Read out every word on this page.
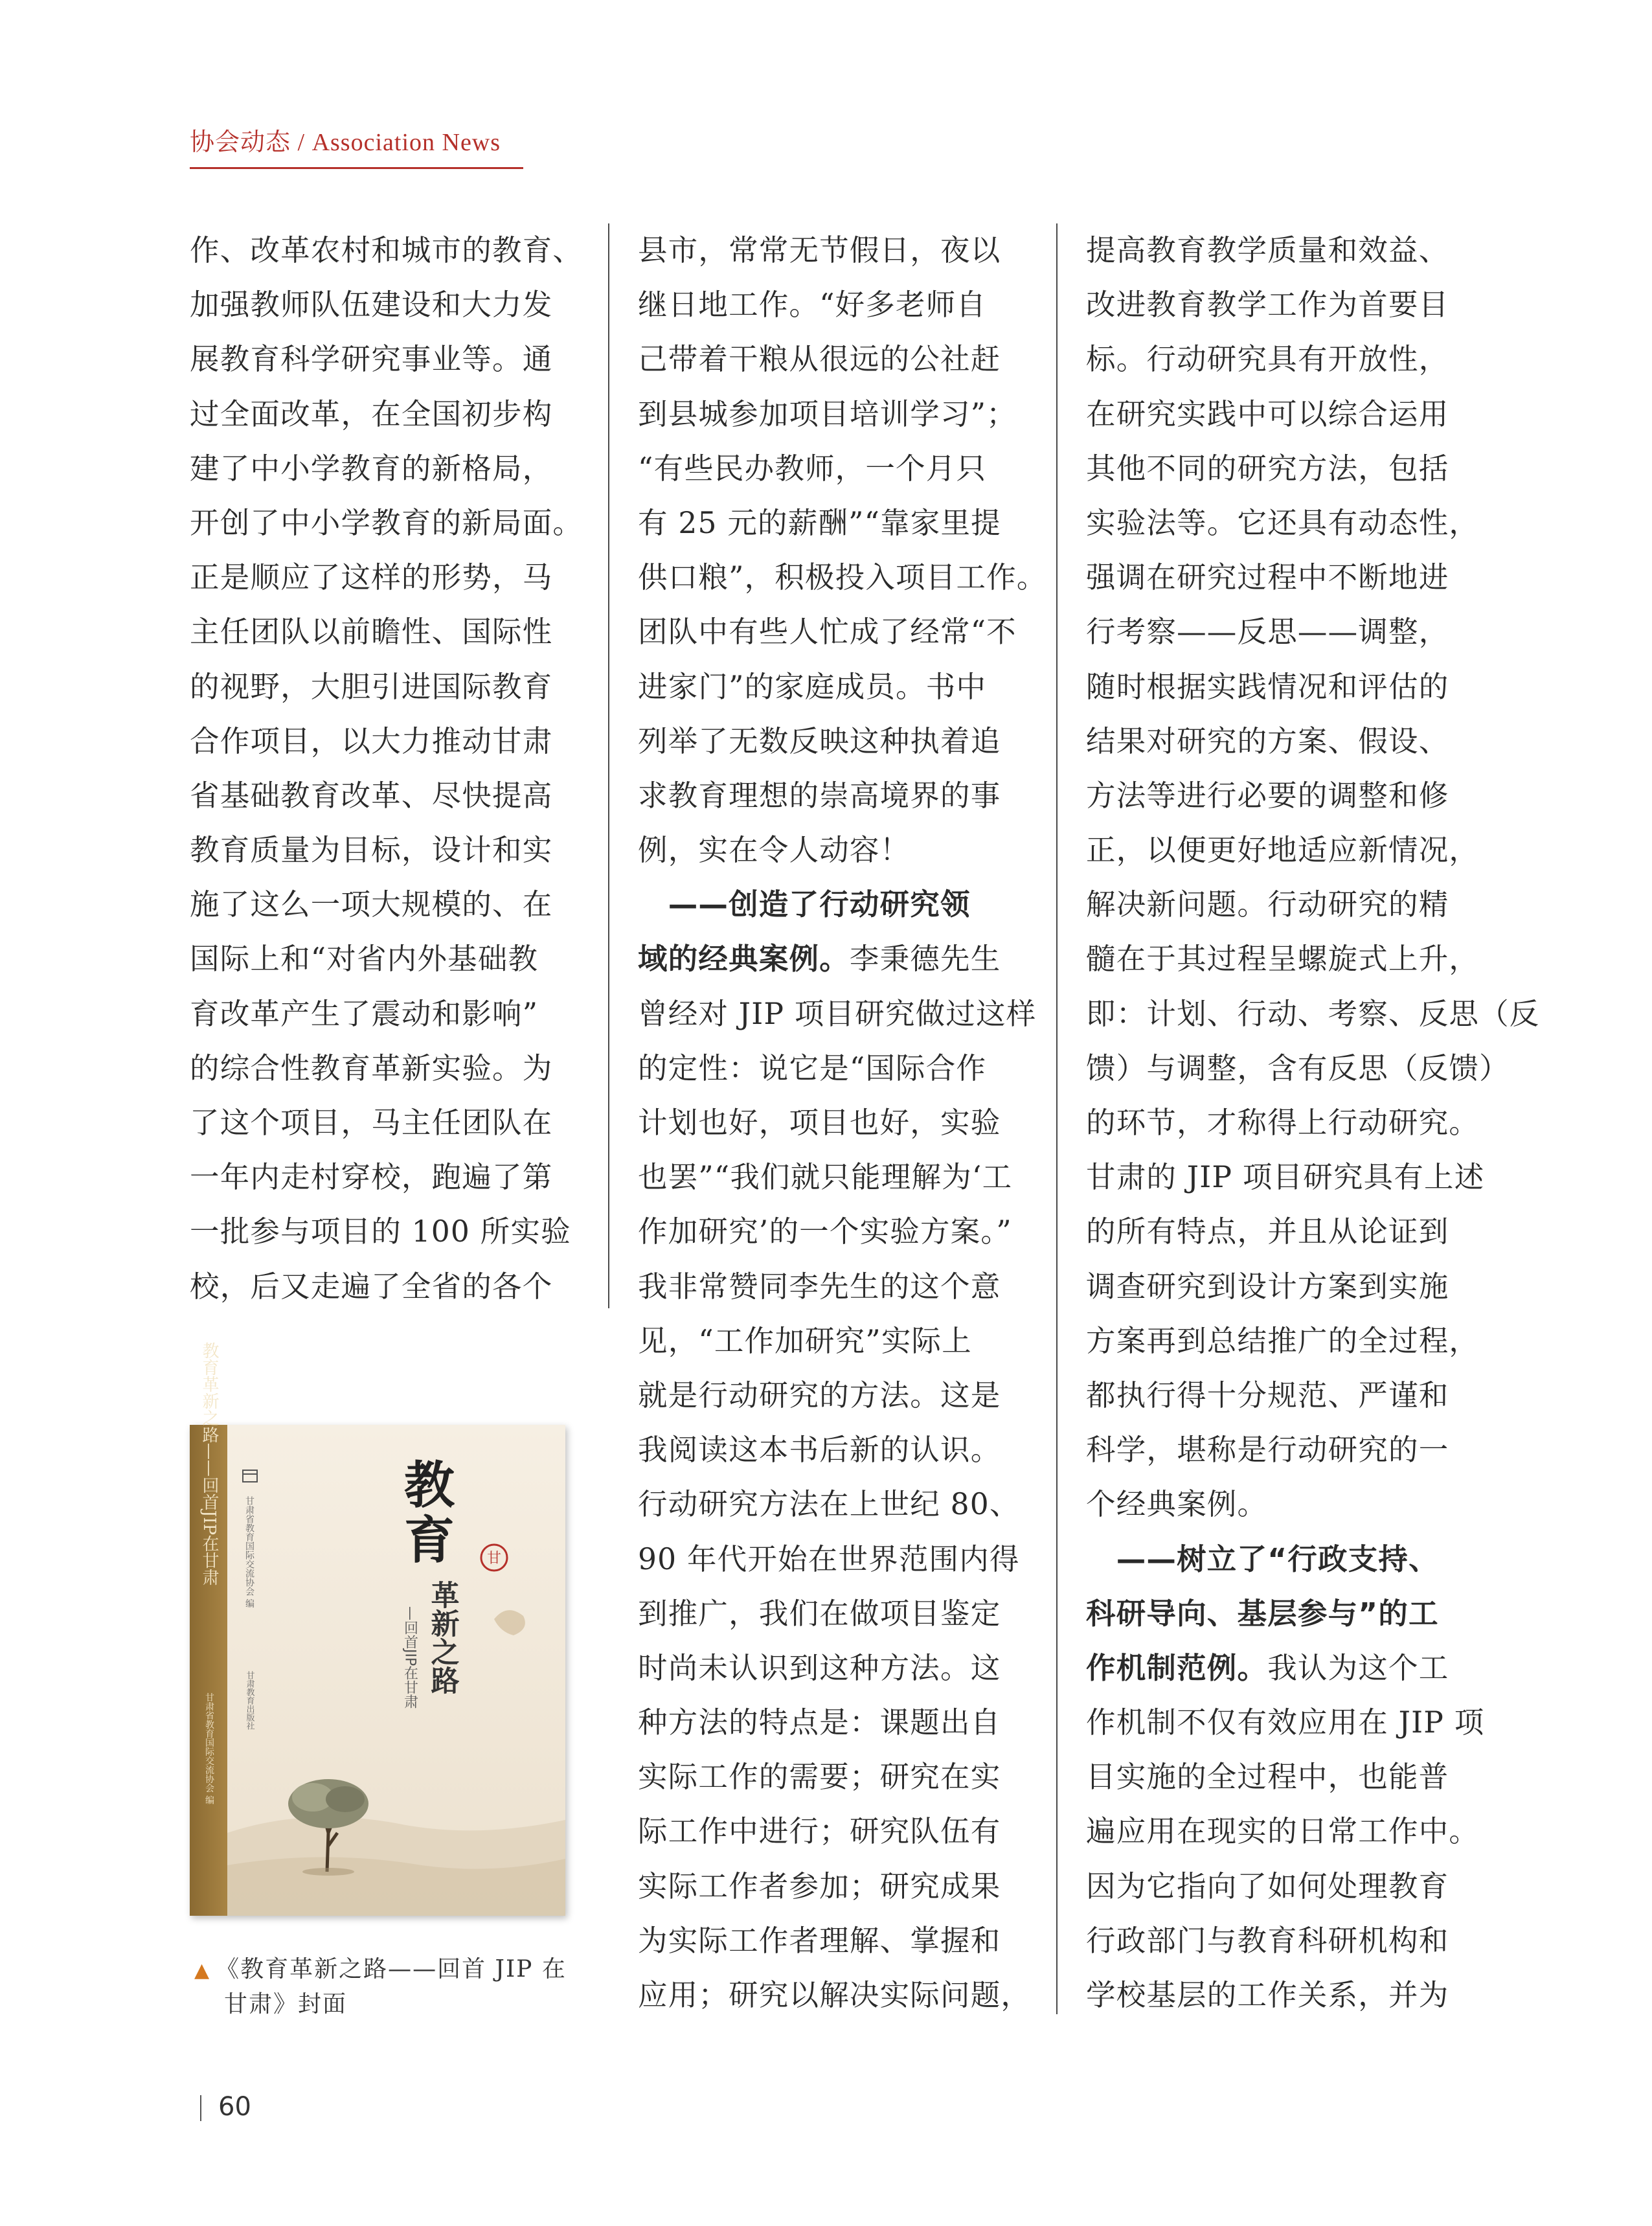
协会动态 / Association News
作、改革农村和城市的教育、
加强教师队伍建设和大力发
展教育科学研究事业等。通
过全面改革，在全国初步构
建了中小学教育的新格局，
开创了中小学教育的新局面。
正是顺应了这样的形势，马
主任团队以前瞻性、国际性
的视野，大胆引进国际教育
合作项目，以大力推动甘肃
省基础教育改革、尽快提高
教育质量为目标，设计和实
施了这么一项大规模的、在
国际上和“对省内外基础教
育改革产生了震动和影响”
的综合性教育革新实验。为
了这个项目，马主任团队在
一年内走村穿校，跑遍了第
一批参与项目的 100 所实验
校，后又走遍了全省的各个
县市，常常无节假日，夜以
继日地工作。“好多老师自
己带着干粮从很远的公社赶
到县城参加项目培训学习”；
“有些民办教师，一个月只
有 25 元的薪酬”“靠家里提
供口粮”，积极投入项目工作。
团队中有些人忙成了经常“不
进家门”的家庭成员。书中
列举了无数反映这种执着追
求教育理想的崇高境界的事
例，实在令人动容！
　——创造了行动研究领
域的经典案例。李秉德先生
曾经对 JIP 项目研究做过这样
的定性：说它是“国际合作
计划也好，项目也好，实验
也罢”“我们就只能理解为‘工
作加研究’的一个实验方案。”
我非常赞同李先生的这个意
见，“工作加研究”实际上
就是行动研究的方法。这是
我阅读这本书后新的认识。
行动研究方法在上世纪 80、
90 年代开始在世界范围内得
到推广，我们在做项目鉴定
时尚未认识到这种方法。这
种方法的特点是：课题出自
实际工作的需要；研究在实
际工作中进行；研究队伍有
实际工作者参加；研究成果
为实际工作者理解、掌握和
应用；研究以解决实际问题，
提高教育教学质量和效益、
改进教育教学工作为首要目
标。行动研究具有开放性，
在研究实践中可以综合运用
其他不同的研究方法，包括
实验法等。它还具有动态性，
强调在研究过程中不断地进
行考察——反思——调整，
随时根据实践情况和评估的
结果对研究的方案、假设、
方法等进行必要的调整和修
正，以便更好地适应新情况，
解决新问题。行动研究的精
髓在于其过程呈螺旋式上升，
即：计划、行动、考察、反思（反
馈）与调整，含有反思（反馈）
的环节，才称得上行动研究。
甘肃的 JIP 项目研究具有上述
的所有特点，并且从论证到
调查研究到设计方案到实施
方案再到总结推广的全过程，
都执行得十分规范、严谨和
科学，堪称是行动研究的一
个经典案例。
　——树立了“行政支持、
科研导向、基层参与”的工
作机制范例。我认为这个工
作机制不仅有效应用在 JIP 项
目实施的全过程中，也能普
遍应用在现实的日常工作中。
因为它指向了如何处理教育
行政部门与教育科研机构和
学校基层的工作关系，并为
教育革新之路——回首JIP在甘肃
甘肃省教育国际交流协会 编
甘肃省教育国际交流协会 编
甘肃教育出版社
教
育
革新之路
—回首JIP在甘肃
甘
▲ 《教育革新之路——回首 JIP 在
甘肃》封面
60
